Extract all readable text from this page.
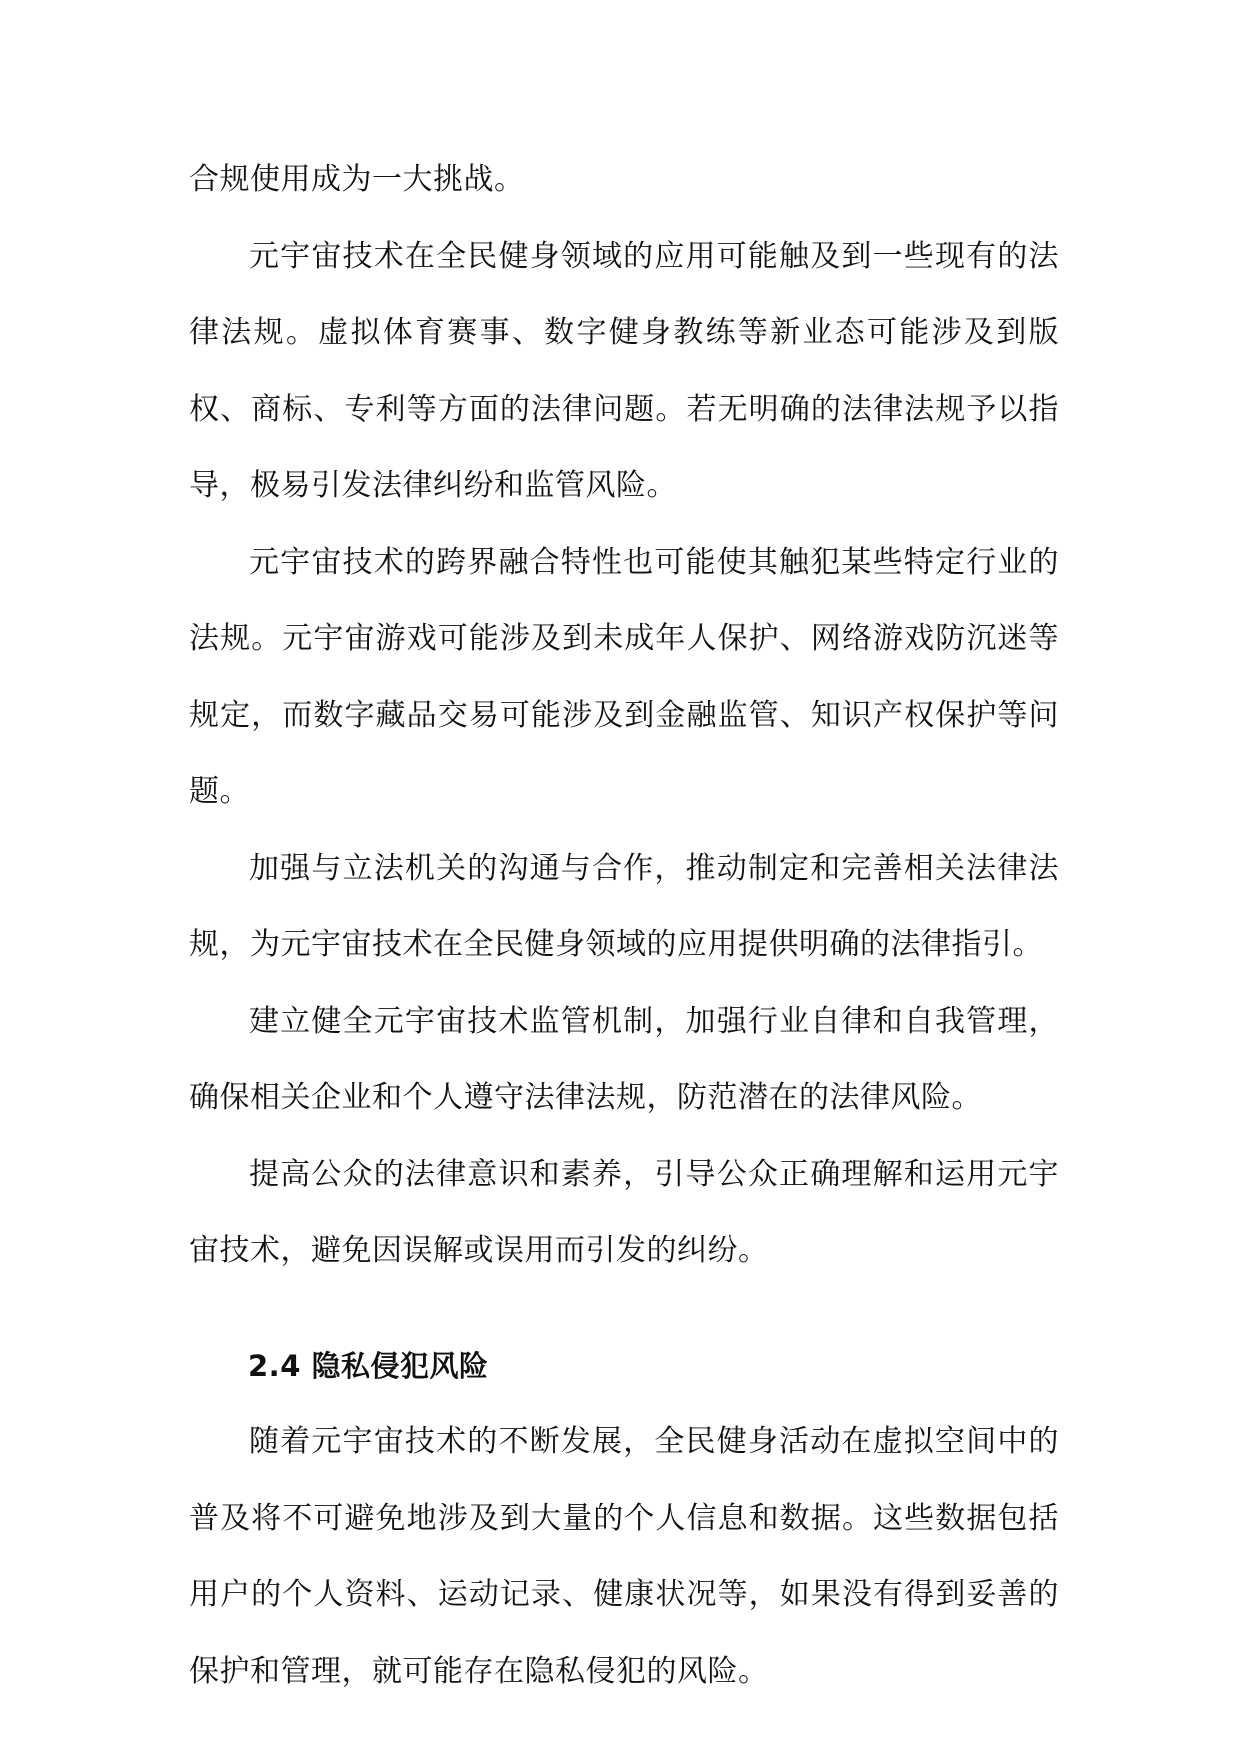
合规使用成为一大挑战。

元宇宙技术在全民健身领域的应用可能触及到一些现有的法律法规。虚拟体育赛事、数字健身教练等新业态可能涉及到版权、商标、专利等方面的法律问题。若无明确的法律法规予以指导，极易引发法律纠纷和监管风险。

元宇宙技术的跨界融合特性也可能使其触犯某些特定行业的法规。元宇宙游戏可能涉及到未成年人保护、网络游戏防沉迷等规定，而数字藏品交易可能涉及到金融监管、知识产权保护等问题。

加强与立法机关的沟通与合作，推动制定和完善相关法律法规，为元宇宙技术在全民健身领域的应用提供明确的法律指引。

建立健全元宇宙技术监管机制，加强行业自律和自我管理，确保相关企业和个人遵守法律法规，防范潜在的法律风险。

提高公众的法律意识和素养，引导公众正确理解和运用元宇宙技术，避免因误解或误用而引发的纠纷。

2.4 隐私侵犯风险

随着元宇宙技术的不断发展，全民健身活动在虚拟空间中的普及将不可避免地涉及到大量的个人信息和数据。这些数据包括用户的个人资料、运动记录、健康状况等，如果没有得到妥善的保护和管理，就可能存在隐私侵犯的风险。
